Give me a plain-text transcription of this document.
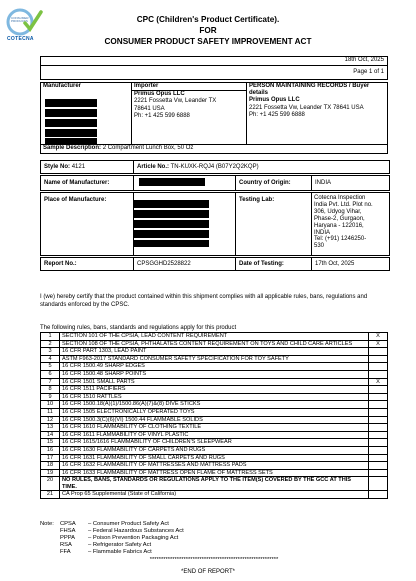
CONSUMER
PRODUCTS
COTECNA
CPC (Children's Product Certificate).
FOR
CONSUMER PRODUCT SAFETY IMPROVEMENT ACT
18th Oct, 2025
Page 1 of 1
Manufacturer	Importer
Primus Opus LLC
2221 Fossetta Vw, Leander TX
78641 USA
Ph: +1 425 599 6888

PERSON MAINTAINING RECORDS / Buyer details
Primus Opus LLC
2221 Fossetta Vw, Leander TX 78641 USA
Ph: +1 425 599 6888

Sample Description: 2 Compartment Lunch Box, 50 Oz
Style No: 4121	Article No.: TN-KUXK-RQJ4 (B07Y2Q2KQP)
Name of Manufacturer:	Country of Origin:	INDIA
Place of Manufacture:	Testing Lab:	Cotecna Inspection
India Pvt. Ltd. Plot no.
306, Udyog Vihar,
Phase-2, Gurgaon,
Haryana - 122016,
INDIA
Tel: (+91) 1246250-
530
Report No.:	CPSGGHD2528822	Date of Testing:	17th Oct, 2025
I (we) hereby certify that the product contained within this shipment complies with all applicable rules, bans, regulations and standards enforced by the CPSC.
The following rules, bans, standards and regulations apply for this product
1	SECTION 101 OF THE CPSIA, LEAD CONTENT REQUIREMENT	X
2	SECTION 108 OF THE CPSIA, PHTHALATES CONTENT REQUIREMENT ON TOYS AND CHILD CARE ARTICLES	X
3	16 CFR PART 1303, LEAD PAINT	
4	ASTM F963-2017 STANDARD CONSUMER SAFETY SPECIFICATION FOR TOY SAFETY	
5	16 CFR 1500.49 SHARP EDGES	
6	16 CFR 1500.48 SHARP POINTS	
7	16 CFR 1501 SMALL PARTS	X
8	16 CFR 1511 PACIFIERS	
9	16 CFR 1510 RATTLES	
10	16 CFR 1500.18(A)(1)/1500.86(A)(7)&(8) DIVE STICKS	
11	16 CFR 1505 ELECTRONICALLY OPERATED TOYS	
12	16 CFR 1500.3(C)(6)(VI) 1500.44 FLAMMABLE SOLIDS	
13	16 CFR 1610 FLAMMABILITY OF CLOTHING TEXTILE	
14	16 CFR 1611 FLAMMABILITY OF VINYL PLASTIC	
15	16 CFR 1615/1616 FLAMMABILITY OF CHILDREN'S SLEEPWEAR	
16	16 CFR 1630 FLAMMABILITY OF CARPETS AND RUGS	
17	16 CFR 1631 FLAMMABILITY OF SMALL CARPETS AND RUGS	
18	16 CFR 1632 FLAMMABILITY OF MATTRESSES AND MATTRESS PADS	
19	16 CFR 1633 FLAMMABILITY OF MATTRESS OPEN FLAME OF MATTRESS SETS	
20	NO RULES, BANS, STANDARDS OR REGULATIONS APPLY TO THE ITEM(S) COVERED BY THE GCC AT THIS TIME.	
21	CA Prop 65 Supplemental (State of California)	
Note: CPSA – Consumer Product Safety Act
FHSA – Federal Hazardous Substances Act
PPPA – Poison Prevention Packaging Act
RSA	– Refrigerator Safety Act
FFA	– Flammable Fabrics Act
*********************************************************
*END OF REPORT*
